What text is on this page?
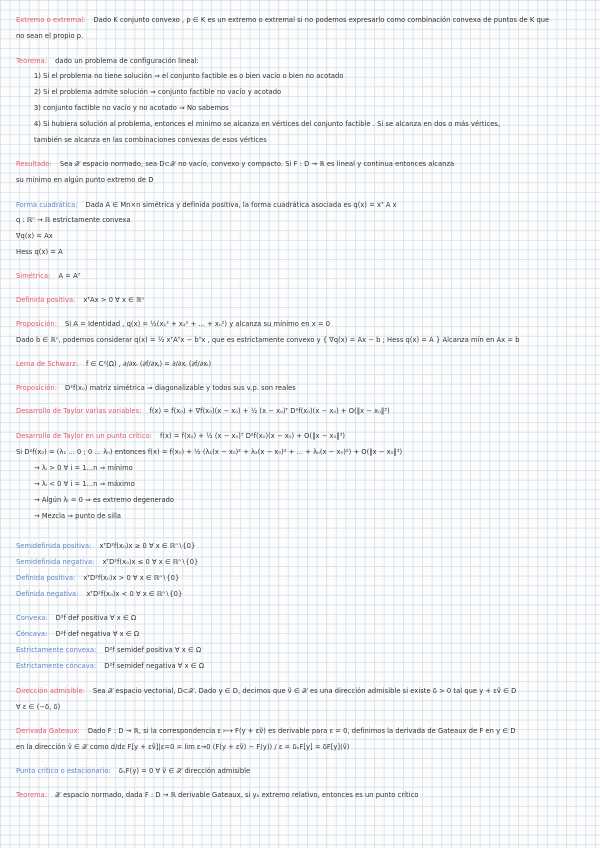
Extremo o extremal: Dado K conjunto convexo , p ∈ K es un extremo o extremal si no podemos expresarlo como combinación convexa de puntos de K que
no sean el propio p.
Teorema: dado un problema de configuración lineal:
1) Si el problema no tiene solución ⇒ el conjunto factible es o bien vacío o bien no acotado
2) Si el problema admite solución ⇒ conjunto factible no vacío y acotado
3) conjunto factible no vacío y no acotado ⇒ No sabemos
4) Si hubiera solución al problema, entonces el mínimo se alcanza en vértices del conjunto factible . Si se alcanza en dos o más vértices,
también se alcanza en las combinaciones convexas de esos vértices
Resultado: Sea 𝒳 espacio normado, sea D⊂𝒳 no vacío, convexo y compacto. Si F : D → ℝ es lineal y continua entonces alcanza
su mínimo en algún punto extremo de D
Forma cuadrática: Dada A ∈ Mn×n simétrica y definida positiva, la forma cuadrática asociada es q(x) = xᵀ A x
q : ℝⁿ → ℝ estrictamente convexa
∇q(x) = Ax
Hess q(x) = A
Simétrica: A = Aᵀ
Definida positiva: xᵀAx > 0 ∀ x ∈ ℝⁿ
Proposición: Si A = Identidad , q(x) = ½(x₁² + x₂² + ... + xₙ²) y alcanza su mínimo en x = 0
Dado b ∈ ℝⁿ, podemos considerar q(x) = ½ xᵀAᵀx − bᵀx , que es estrictamente convexo y { ∇q(x) = Ax − b ; Hess q(x) = A } Alcanza mín en Ax = b
Lema de Schwarz: f ∈ C²(Ω) , ∂/∂xᵢ (∂f/∂xⱼ) = ∂/∂xⱼ (∂f/∂xᵢ)
Proposición: D²f(x₀) matriz simétrica ⇒ diagonalizable y todos sus v.p. son reales
Desarrollo de Taylor varias variables: f(x) = f(x₀) + ∇f(x₀)(x − x₀) + ½ (x − x₀)ᵀ D²f(x₀)(x − x₀) + O(‖x − x₀‖³)
Desarrollo de Taylor en un punto crítico: f(x) = f(x₀) + ½ (x − x₀)ᵀ D²f(x₀)(x − x₀) + O(‖x − x₀‖³)
Si D²f(x₀) = (λ₁ ... 0 ; 0 ... λₙ) entonces f(x) = f(x₀) + ½ (λ₁(x − x₀)² + λ₂(x − x₀)² + ... + λₙ(x − x₀)²) + O(‖x − x₀‖³)
→ λᵢ > 0 ∀ i = 1...n ⇒ mínimo
→ λᵢ < 0 ∀ i = 1...n ⇒ máximo
→ Algún λᵢ = 0 ⇒ es extremo degenerado
→ Mezcla ⇒ punto de silla
Semidefinida positiva: xᵀD²f(x₀)x ≥ 0 ∀ x ∈ ℝⁿ∖{0}
Semidefinida negativa: xᵀD²f(x₀)x ≤ 0 ∀ x ∈ ℝⁿ∖{0}
Definida positiva: xᵀD²f(x₀)x > 0 ∀ x ∈ ℝⁿ∖{0}
Definida negativa: xᵀD²f(x₀)x < 0 ∀ x ∈ ℝⁿ∖{0}
Convexa: D²f def positiva ∀ x ∈ Ω
Cóncava: D²f def negativa ∀ x ∈ Ω
Estrictamente convexa: D²f semidef positiva ∀ x ∈ Ω
Estrictamente cóncava: D²f semidef negativa ∀ x ∈ Ω
Dirección admisible: Sea 𝒳 espacio vectorial, D⊂𝒳. Dado y ∈ D, decimos que ṽ ∈ 𝒳 es una dirección admisible si existe δ̄ > 0 tal que y + εṽ ∈ D
∀ ε ∈ (−δ̄, δ̄)
Derivada Gateaux: Dado F : D → ℝ, si la correspondencia ε ⟼ F(y + εṽ) es derivable para ε = 0, definimos la derivada de Gateaux de F en y ∈ D
en la dirección ṽ ∈ 𝒳 como d/dε F[y + εṽ]|ε=0 = lim ε→0 (F(y + εṽ) − F(y)) / ε = δᵥF[y] = δF[y](ṽ)
Punto crítico o estacionario: δᵥF(y) = 0 ∀ ṽ ∈ 𝒳 dirección admisible
Teorema: 𝒳 espacio normado, dada F : D → ℝ derivable Gateaux, si y₀ extremo relativo, entonces es un punto crítico
